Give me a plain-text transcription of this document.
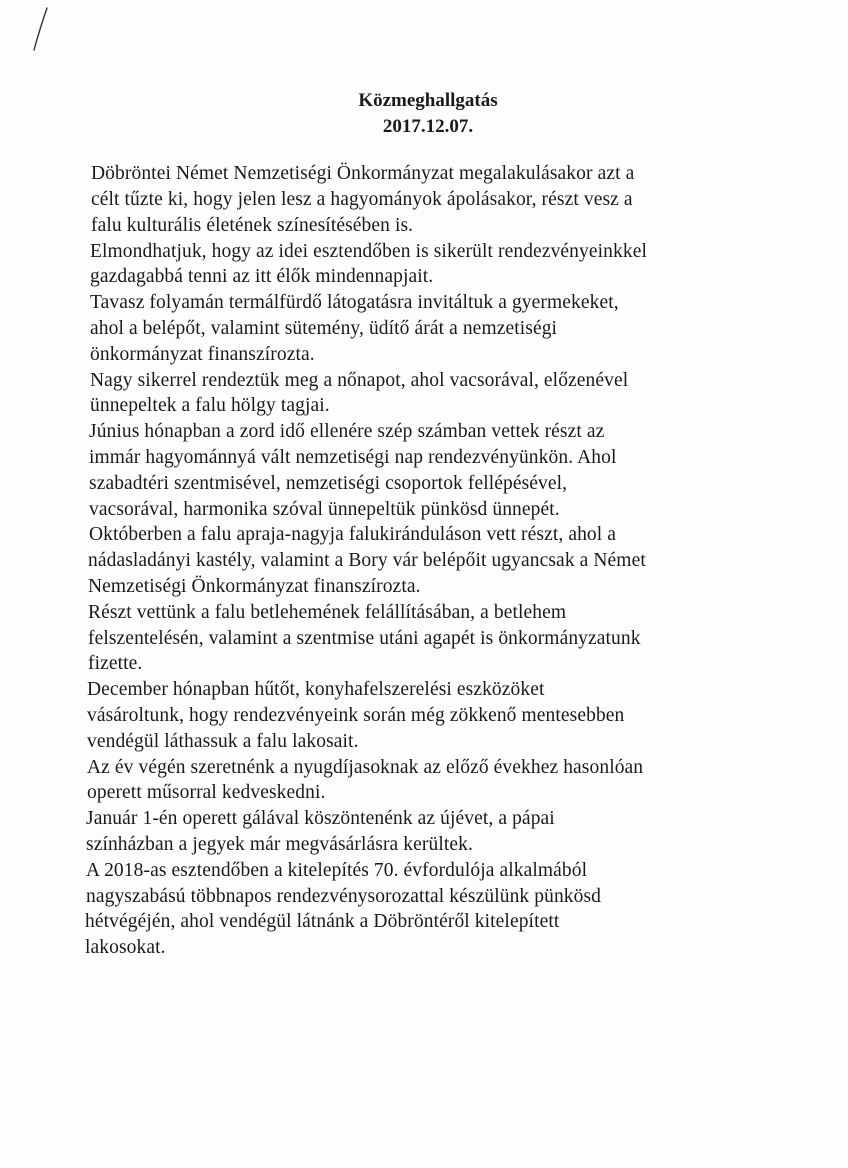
Közmeghallgatás
2017.12.07.
Döbröntei Német Nemzetiségi Önkormányzat megalakulásakor azt a
célt tűzte ki, hogy jelen lesz a hagyományok ápolásakor, részt vesz a
falu kulturális életének színesítésében is.
Elmondhatjuk, hogy az idei esztendőben is sikerült rendezvényeinkkel
gazdagabbá tenni az itt élők mindennapjait.
Tavasz folyamán termálfürdő látogatásra invitáltuk a gyermekeket,
ahol a belépőt, valamint sütemény, üdítő árát a nemzetiségi
önkormányzat finanszírozta.
Nagy sikerrel rendeztük meg a nőnapot, ahol vacsorával, előzenével
ünnepeltek a falu hölgy tagjai.
Június hónapban a zord idő ellenére szép számban vettek részt az
immár hagyománnyá vált nemzetiségi nap rendezvényünkön. Ahol
szabadtéri szentmisével, nemzetiségi csoportok fellépésével,
vacsorával, harmonika szóval ünnepeltük pünkösd ünnepét.
Októberben a falu apraja-nagyja falukiránduláson vett részt, ahol a
nádasladányi kastély, valamint a Bory vár belépőit ugyancsak a Német
Nemzetiségi Önkormányzat finanszírozta.
Részt vettünk a falu betlehemének felállításában, a betlehem
felszentelésén, valamint a szentmise utáni agapét is önkormányzatunk
fizette.
December hónapban hűtőt, konyhafelszerelési eszközöket
vásároltunk, hogy rendezvényeink során még zökkenő mentesebben
vendégül láthassuk a falu lakosait.
Az év végén szeretnénk a nyugdíjasoknak az előző évekhez hasonlóan
operett műsorral kedveskedni.
Január 1-én operett gálával köszöntenénk az újévet, a pápai
színházban a jegyek már megvásárlásra kerültek.
A 2018-as esztendőben a kitelepítés 70. évfordulója alkalmából
nagyszabású többnapos rendezvénysorozattal készülünk pünkösd
hétvégéjén, ahol vendégül látnánk a Döbröntéről kitelepített
lakosokat.
